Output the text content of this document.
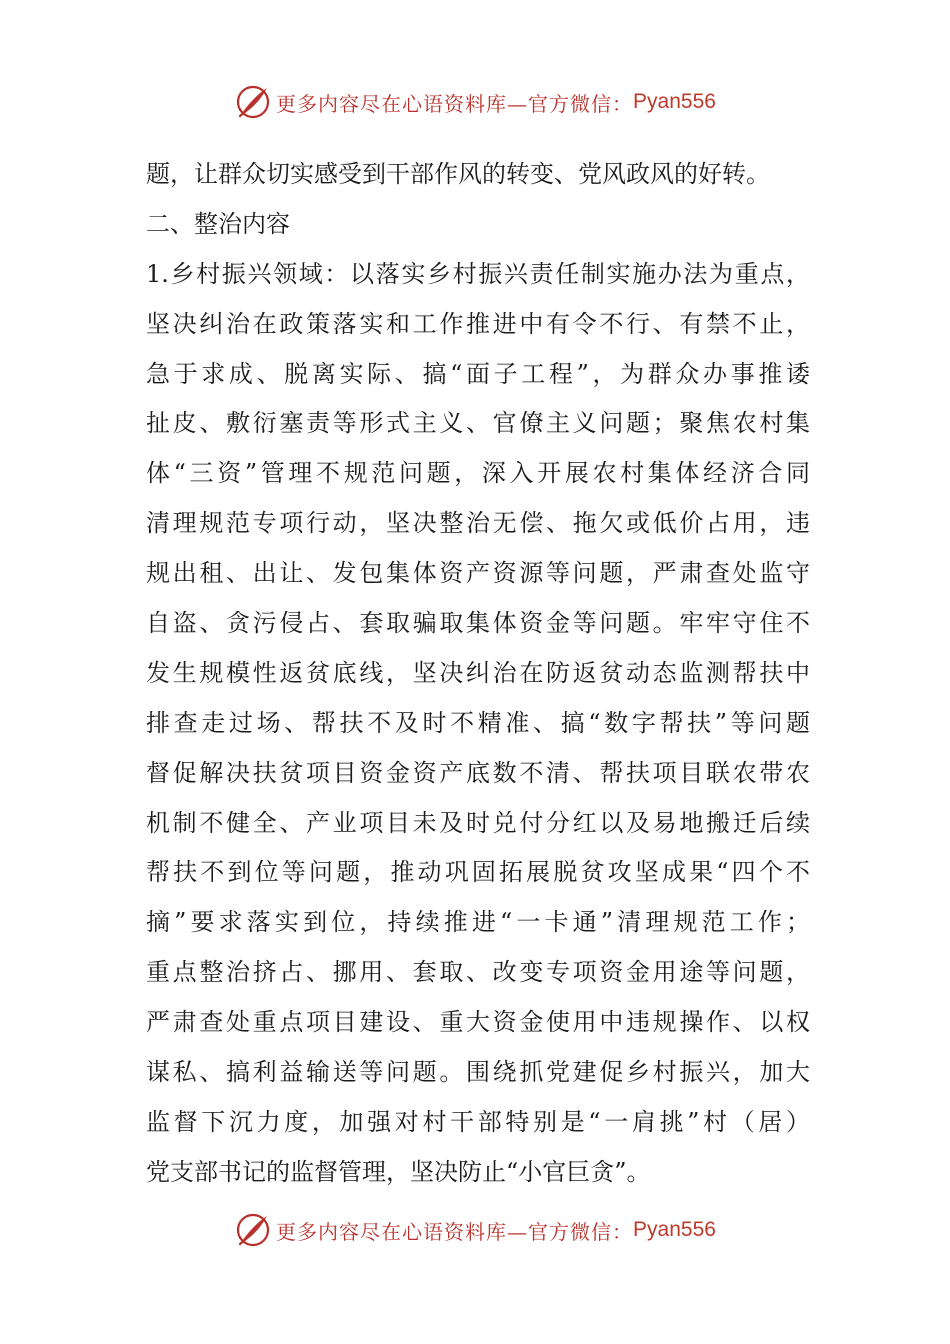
更多内容尽在心语资料库—官方微信： Pyan556
题，让群众切实感受到干部作风的转变、党风政风的好转。
二、整治内容
1.乡村振兴领域：以落实乡村振兴责任制实施办法为重点，
坚决纠治在政策落实和工作推进中有令不行、有禁不止，
急于求成、脱离实际、搞“面子工程”，为群众办事推诿
扯皮、敷衍塞责等形式主义、官僚主义问题；聚焦农村集
体“三资”管理不规范问题，深入开展农村集体经济合同
清理规范专项行动，坚决整治无偿、拖欠或低价占用，违
规出租、出让、发包集体资产资源等问题，严肃查处监守
自盗、贪污侵占、套取骗取集体资金等问题。牢牢守住不
发生规模性返贫底线，坚决纠治在防返贫动态监测帮扶中
排查走过场、帮扶不及时不精准、搞“数字帮扶”等问题
督促解决扶贫项目资金资产底数不清、帮扶项目联农带农
机制不健全、产业项目未及时兑付分红以及易地搬迁后续
帮扶不到位等问题，推动巩固拓展脱贫攻坚成果“四个不
摘”要求落实到位，持续推进“一卡通”清理规范工作；
重点整治挤占、挪用、套取、改变专项资金用途等问题，
严肃查处重点项目建设、重大资金使用中违规操作、以权
谋私、搞利益输送等问题。围绕抓党建促乡村振兴，加大
监督下沉力度，加强对村干部特别是“一肩挑”村（居）
党支部书记的监督管理，坚决防止“小官巨贪”。
更多内容尽在心语资料库—官方微信： Pyan556
